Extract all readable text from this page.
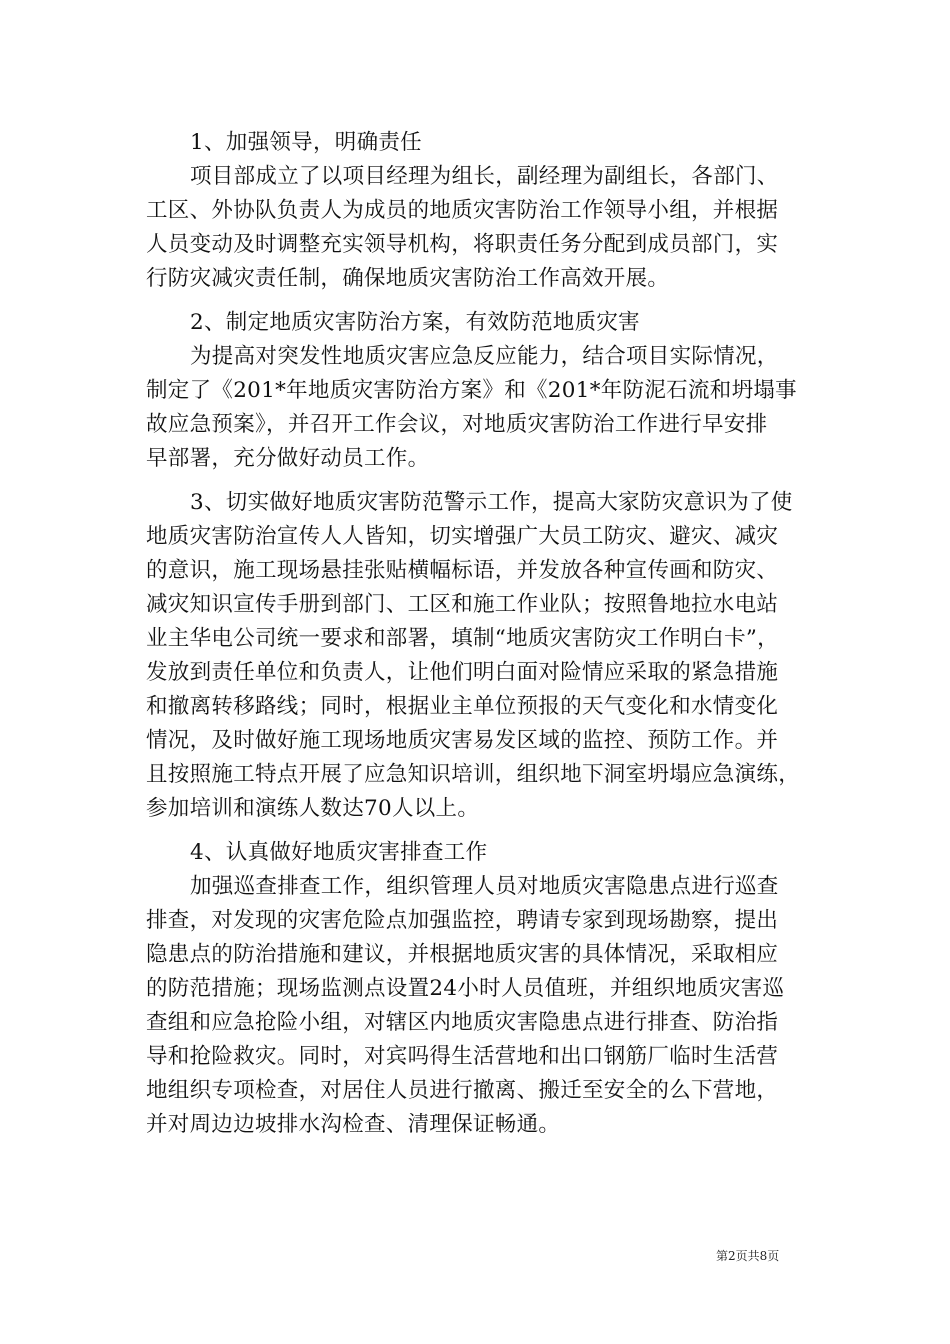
1、加强领导，明确责任
项目部成立了以项目经理为组长，副经理为副组长，各部门、
工区、外协队负责人为成员的地质灾害防治工作领导小组，并根据
人员变动及时调整充实领导机构，将职责任务分配到成员部门，实
行防灾减灾责任制，确保地质灾害防治工作高效开展。
2、制定地质灾害防治方案，有效防范地质灾害
为提高对突发性地质灾害应急反应能力，结合项目实际情况，
制定了《201*年地质灾害防治方案》和《201*年防泥石流和坍塌事
故应急预案》，并召开工作会议，对地质灾害防治工作进行早安排
早部署，充分做好动员工作。
3、切实做好地质灾害防范警示工作，提高大家防灾意识为了使
地质灾害防治宣传人人皆知，切实增强广大员工防灾、避灾、减灾
的意识，施工现场悬挂张贴横幅标语，并发放各种宣传画和防灾、
减灾知识宣传手册到部门、工区和施工作业队；按照鲁地拉水电站
业主华电公司统一要求和部署，填制“地质灾害防灾工作明白卡”，
发放到责任单位和负责人，让他们明白面对险情应采取的紧急措施
和撤离转移路线；同时，根据业主单位预报的天气变化和水情变化
情况，及时做好施工现场地质灾害易发区域的监控、预防工作。并
且按照施工特点开展了应急知识培训，组织地下洞室坍塌应急演练，
参加培训和演练人数达70人以上。
4、认真做好地质灾害排查工作
加强巡查排查工作，组织管理人员对地质灾害隐患点进行巡查
排查，对发现的灾害危险点加强监控，聘请专家到现场勘察，提出
隐患点的防治措施和建议，并根据地质灾害的具体情况，采取相应
的防范措施；现场监测点设置24小时人员值班，并组织地质灾害巡
查组和应急抢险小组，对辖区内地质灾害隐患点进行排查、防治指
导和抢险救灾。同时，对宾吗得生活营地和出口钢筋厂临时生活营
地组织专项检查，对居住人员进行撤离、搬迁至安全的么下营地，
并对周边边坡排水沟检查、清理保证畅通。
第2页共8页
